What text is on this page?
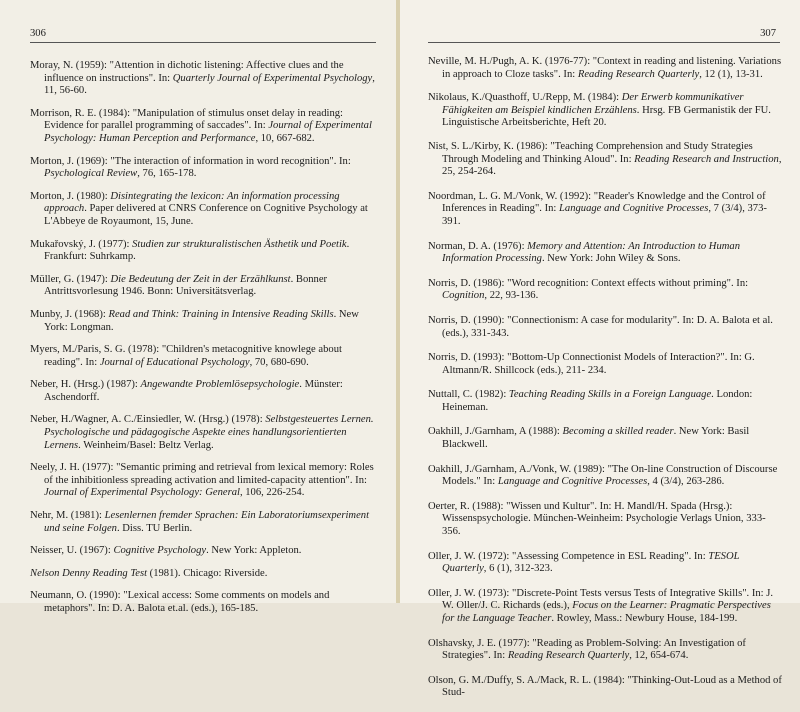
306

Moray, N. (1959): "Attention in dichotic listening: Affective clues and the influence on instructions". In: Quarterly Journal of Experimental Psychology, 11, 56-60.

Morrison, R. E. (1984): "Manipulation of stimulus onset delay in reading: Evidence for parallel programming of saccades". In: Journal of Experimental Psychology: Human Perception and Performance, 10, 667-682.

Morton, J. (1969): "The interaction of information in word recognition". In: Psychological Review, 76, 165-178.

Morton, J. (1980): Disintegrating the lexicon: An information processing approach. Paper delivered at CNRS Conference on Cognitive Psychology at L'Abbeye de Royaumont, 15, June.

Mukařovský, J. (1977): Studien zur strukturalistischen Ästhetik und Poetik. Frankfurt: Suhrkamp.

Müller, G. (1947): Die Bedeutung der Zeit in der Erzählkunst. Bonner Antrittsvorlesung 1946. Bonn: Universitätsverlag.

Munby, J. (1968): Read and Think: Training in Intensive Reading Skills. New York: Longman.

Myers, M./Paris, S. G. (1978): "Children's metacognitive knowlege about reading". In: Journal of Educational Psychology, 70, 680-690.

Neber, H. (Hrsg.) (1987): Angewandte Problemlösepsychologie. Münster: Aschendorff.

Neber, H./Wagner, A. C./Einsiedler, W. (Hrsg.) (1978): Selbstgesteuertes Lernen. Psychologische und pädagogische Aspekte eines handlungsorientierten Lernens. Weinheim/Basel: Beltz Verlag.

Neely, J. H. (1977): "Semantic priming and retrieval from lexical memory: Roles of the inhibitionless spreading activation and limited-capacity attention". In: Journal of Experimental Psychology: General, 106, 226-254.

Nehr, M. (1981): Lesenlernen fremder Sprachen: Ein Laboratoriumsexperiment und seine Folgen. Diss. TU Berlin.

Neisser, U. (1967): Cognitive Psychology. New York: Appleton.

Nelson Denny Reading Test (1981). Chicago: Riverside.

Neumann, O. (1990): "Lexical access: Some comments on models and metaphors". In: D. A. Balota et.al. (eds.), 165-185.

307

Neville, M. H./Pugh, A. K. (1976-77): "Context in reading and listening. Variations in approach to Cloze tasks". In: Reading Research Quarterly, 12 (1), 13-31.

Nikolaus, K./Quasthoff, U./Repp, M. (1984): Der Erwerb kommunikativer Fähigkeiten am Beispiel kindlichen Erzählens. Hrsg. FB Germanistik der FU. Linguistische Arbeitsberichte, Heft 20.

Nist, S. L./Kirby, K. (1986): "Teaching Comprehension and Study Strategies Through Modeling and Thinking Aloud". In: Reading Research and Instruction, 25, 254-264.

Noordman, L. G. M./Vonk, W. (1992): "Reader's Knowledge and the Control of Inferences in Reading". In: Language and Cognitive Processes, 7 (3/4), 373-391.

Norman, D. A. (1976): Memory and Attention: An Introduction to Human Information Processing. New York: John Wiley & Sons.

Norris, D. (1986): "Word recognition: Context effects without priming". In: Cognition, 22, 93-136.

Norris, D. (1990): "Connectionism: A case for modularity". In: D. A. Balota et al. (eds.), 331-343.

Norris, D. (1993): "Bottom-Up Connectionist Models of Interaction?". In: G. Altmann/R. Shillcock (eds.), 211- 234.

Nuttall, C. (1982): Teaching Reading Skills in a Foreign Language. London: Heineman.

Oakhill, J./Garnham, A (1988): Becoming a skilled reader. New York: Basil Blackwell.

Oakhill, J./Garnham, A./Vonk, W. (1989): "The On-line Construction of Discourse Models." In: Language and Cognitive Processes, 4 (3/4), 263-286.

Oerter, R. (1988): "Wissen und Kultur". In: H. Mandl/H. Spada (Hrsg.): Wissenspsychologie. München-Weinheim: Psychologie Verlags Union, 333-356.

Oller, J. W. (1972): "Assessing Competence in ESL Reading". In: TESOL Quarterly, 6 (1), 312-323.

Oller, J. W. (1973): "Discrete-Point Tests versus Tests of Integrative Skills". In: J. W. Oller/J. C. Richards (eds.), Focus on the Learner: Pragmatic Perspectives for the Language Teacher. Rowley, Mass.: Newbury House, 184-199.

Olshavsky, J. E. (1977): "Reading as Problem-Solving: An Investigation of Strategies". In: Reading Research Quarterly, 12, 654-674.

Olson, G. M./Duffy, S. A./Mack, R. L. (1984): "Thinking-Out-Loud as a Method of Stud-
